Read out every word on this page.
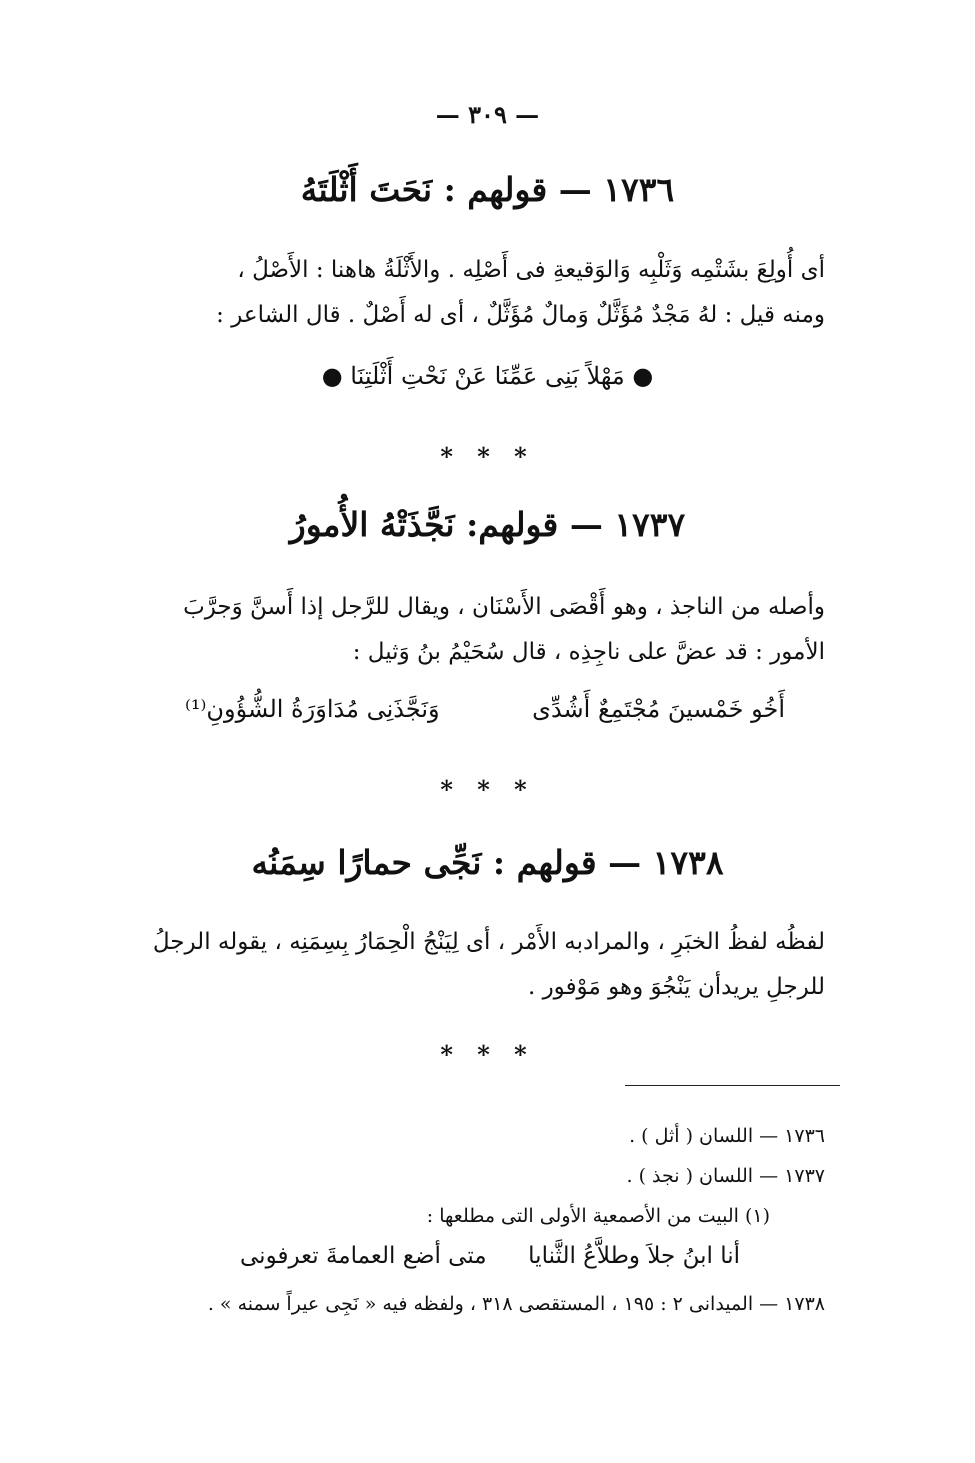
— ٣٠٩ —
١٧٣٦ — قولهم : نَحَتَ أَثْلَتَهُ
أى أُولِعَ بشَتْمِه وَثَلْبِه وَالوَقيعةِ فى أَصْلِه . والأَثْلَةُ هاهنا : الأَصْلُ ،
ومنه قيل : لهُ مَجْدٌ مُؤَثَّلٌ وَمالٌ مُؤَثَّلٌ ، أى له أَصْلٌ . قال الشاعر :
● مَهْلاً بَنِى عَمِّنَا عَنْ نَحْتِ أَثْلَتِنَا ●
* * *
١٧٣٧ — قولهم: نَجَّذَتْهُ الأُمورُ
وأصله من الناجذ ، وهو أَقْصَى الأَسْنَان ، ويقال للرَّجل إذا أَسنَّ وَجرَّبَ
الأمور : قد عضَّ على ناجِذِه ، قال سُحَيْمُ بنُ وَثيل :
أَخُو خَمْسينَ مُجْتَمِعٌ أَشُدِّى
وَنَجَّذَنِى مُدَاوَرَةُ الشُّؤُونِ⁽¹⁾
* * *
١٧٣٨ — قولهم : نَجِّى حمارًا سِمَنُه
لفظُه لفظُ الخبَرِ ، والمرادبه الأَمْر ، أى لِيَنْجُ الْحِمَارُ بِسِمَنِه ، يقوله الرجلُ
للرجلِ يريدأن يَنْجُوَ وهو مَوْفور .
* * *
١٧٣٦ — اللسان ( أثل ) .
١٧٣٧ — اللسان ( نجذ ) .
(١) البيت من الأصمعية الأولى التى مطلعها :
أنا ابنُ جلاَ وطلاَّعُ الثَّنايا
متى أضع العمامةَ تعرفونى
١٧٣٨ — الميدانى ٢ : ١٩٥ ، المستقصى ٣١٨ ، ولفظه فيه « نَجِى عيراً سمنه » .
